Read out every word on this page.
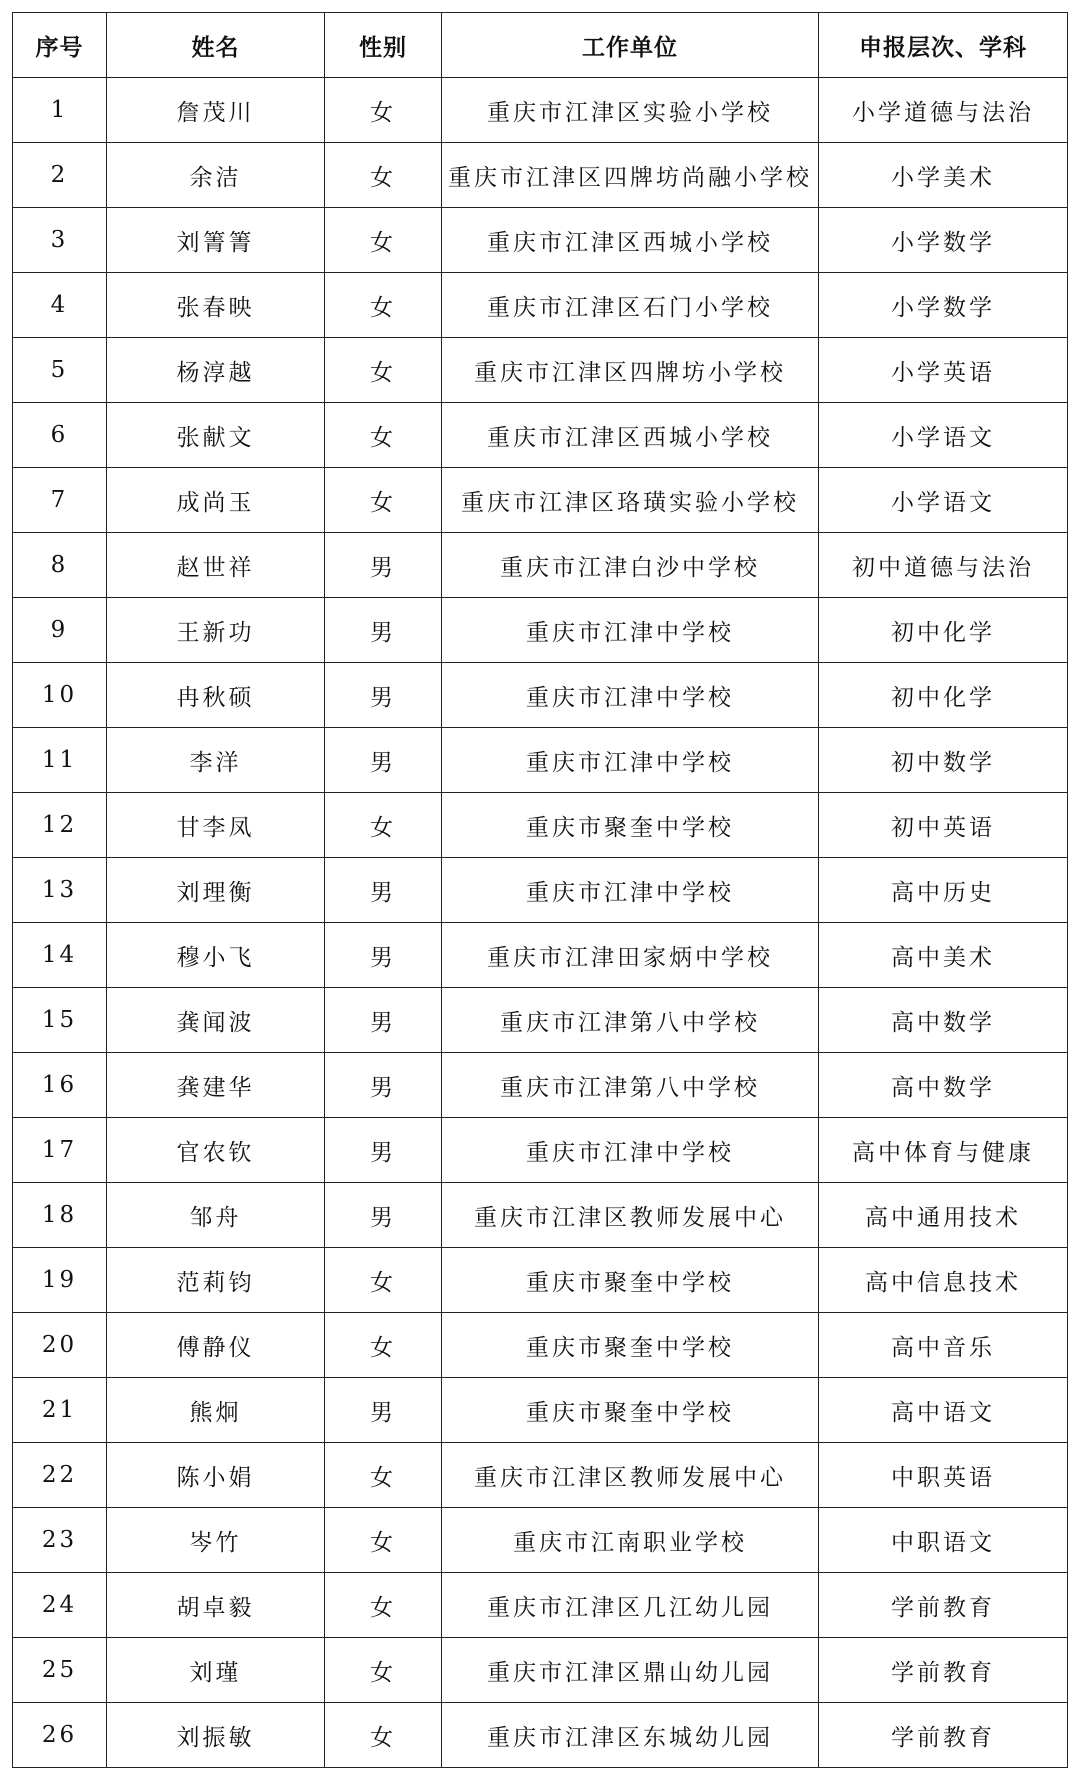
序号	姓名	性别	工作单位	申报层次、学科
1	詹茂川	女	重庆市江津区实验小学校	小学道德与法治
2	余洁	女	重庆市江津区四牌坊尚融小学校	小学美术
3	刘箐箐	女	重庆市江津区西城小学校	小学数学
4	张春映	女	重庆市江津区石门小学校	小学数学
5	杨淳越	女	重庆市江津区四牌坊小学校	小学英语
6	张献文	女	重庆市江津区西城小学校	小学语文
7	成尚玉	女	重庆市江津区珞璜实验小学校	小学语文
8	赵世祥	男	重庆市江津白沙中学校	初中道德与法治
9	王新功	男	重庆市江津中学校	初中化学
10	冉秋硕	男	重庆市江津中学校	初中化学
11	李洋	男	重庆市江津中学校	初中数学
12	甘李凤	女	重庆市聚奎中学校	初中英语
13	刘理衡	男	重庆市江津中学校	高中历史
14	穆小飞	男	重庆市江津田家炳中学校	高中美术
15	龚闻波	男	重庆市江津第八中学校	高中数学
16	龚建华	男	重庆市江津第八中学校	高中数学
17	官农钦	男	重庆市江津中学校	高中体育与健康
18	邹舟	男	重庆市江津区教师发展中心	高中通用技术
19	范莉钧	女	重庆市聚奎中学校	高中信息技术
20	傅静仪	女	重庆市聚奎中学校	高中音乐
21	熊炯	男	重庆市聚奎中学校	高中语文
22	陈小娟	女	重庆市江津区教师发展中心	中职英语
23	岑竹	女	重庆市江南职业学校	中职语文
24	胡卓毅	女	重庆市江津区几江幼儿园	学前教育
25	刘瑾	女	重庆市江津区鼎山幼儿园	学前教育
26	刘振敏	女	重庆市江津区东城幼儿园	学前教育
